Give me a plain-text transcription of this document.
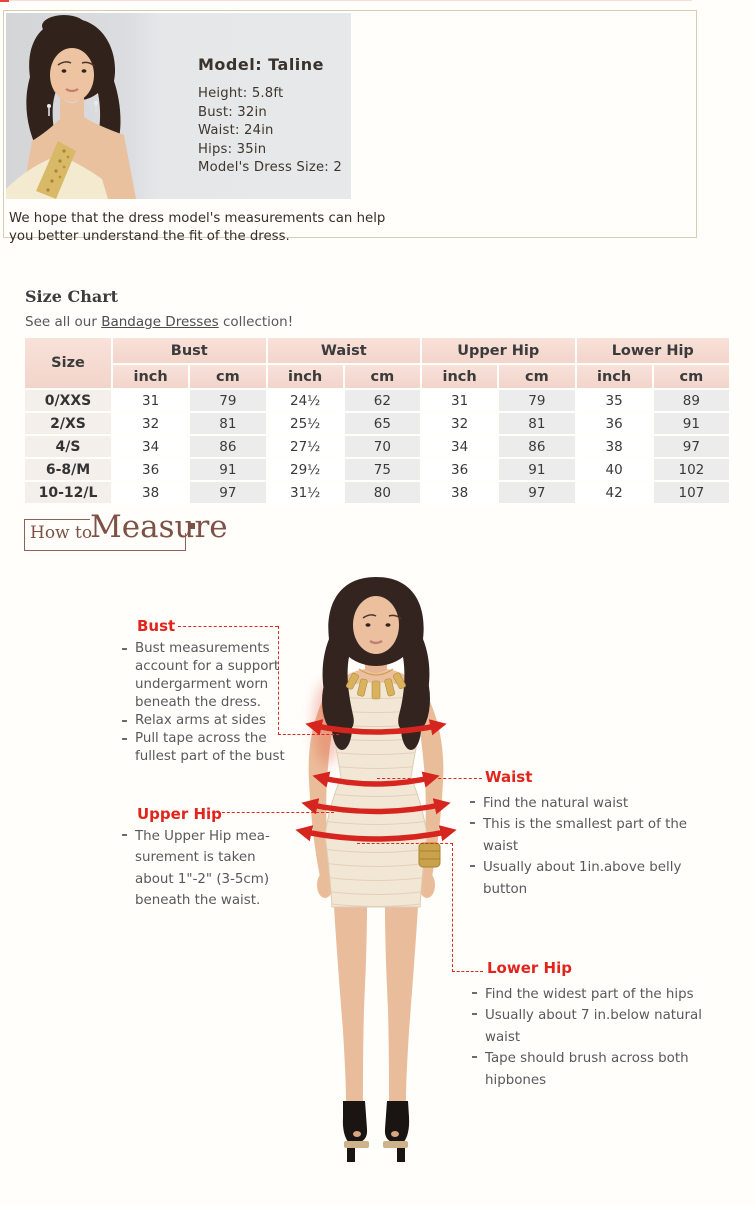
Model: Taline
Height: 5.8ft
Bust: 32in
Waist: 24in
Hips: 35in
Model's Dress Size: 2
We hope that the dress model's measurements can help
you better understand the fit of the dress.
Size Chart

See all our Bandage Dresses collection!

Size	Bust		Waist		Upper Hip		Lower Hip	
	inch	cm	inch	cm	inch	cm	inch	cm
0/XXS	31	79	24½	62	31	79	35	89
2/XS	32	81	25½	65	32	81	36	91
4/S	34	86	27½	70	34	86	38	97
6-8/M	36	91	29½	75	36	91	40	102
10-12/L	38	97	31½	80	38	97	42	107
How to
Measure
Bust
Bust measurements
account for a support
undergarment worn
beneath the dress.
Relax arms at sides
Pull tape across the
fullest part of the bust
Upper Hip
The Upper Hip mea-
surement is taken
about 1"-2" (3-5cm)
beneath the waist.
Waist
Find the natural waist
This is the smallest part of the
waist
Usually about 1in.above belly
button
Lower Hip
Find the widest part of the hips
Usually about 7 in.below natural
waist
Tape should brush across both
hipbones
